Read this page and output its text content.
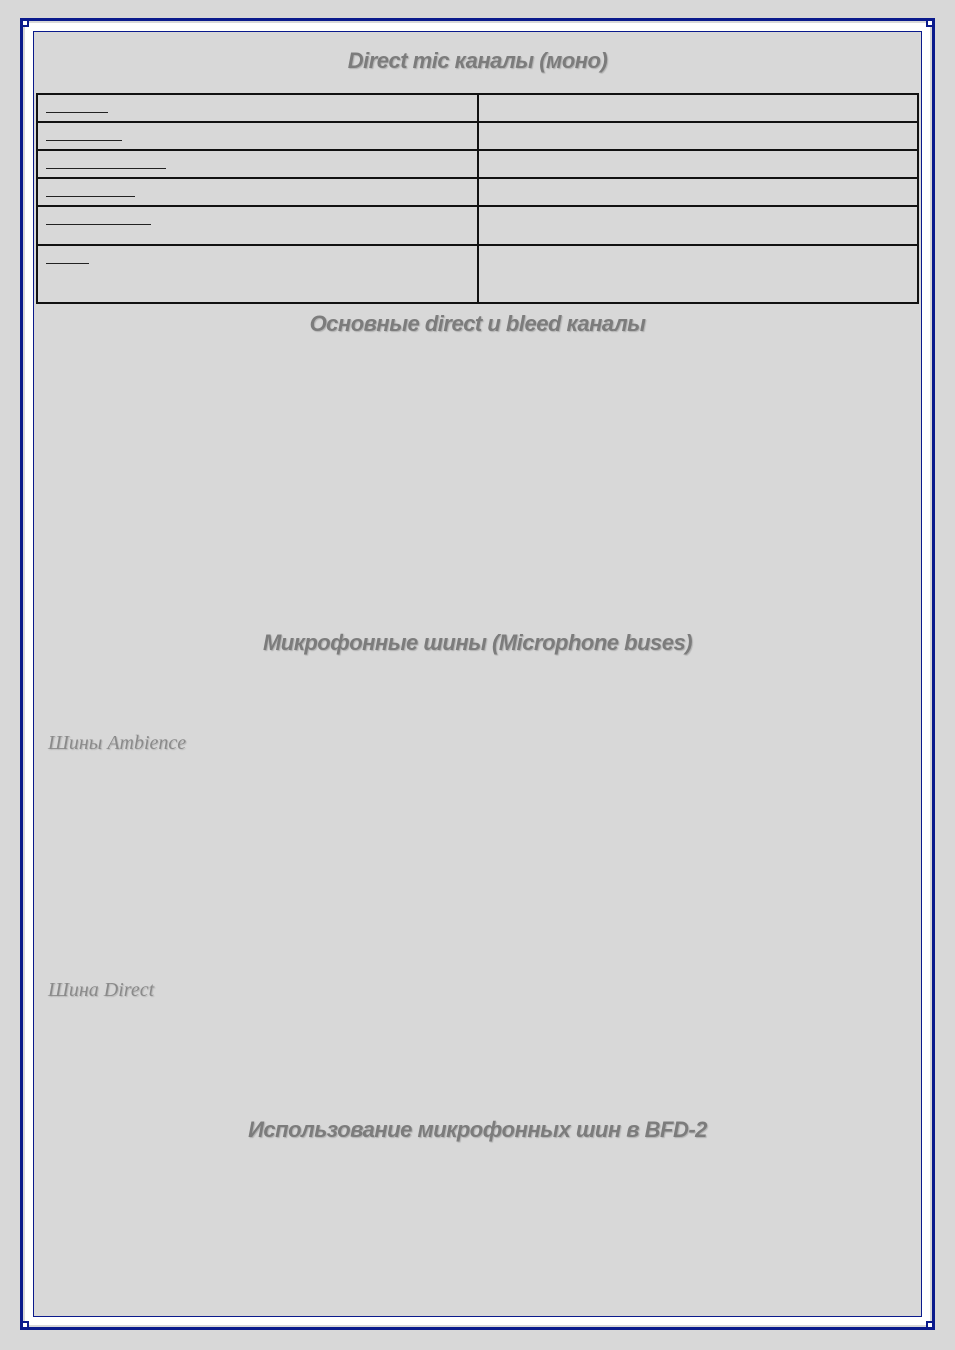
Direct mic каналы (моно)

Основные direct и bleed каналы
Микрофонные шины (Microphone buses)
Шины Ambience
Шина Direct
Использование микрофонных шин в BFD-2
